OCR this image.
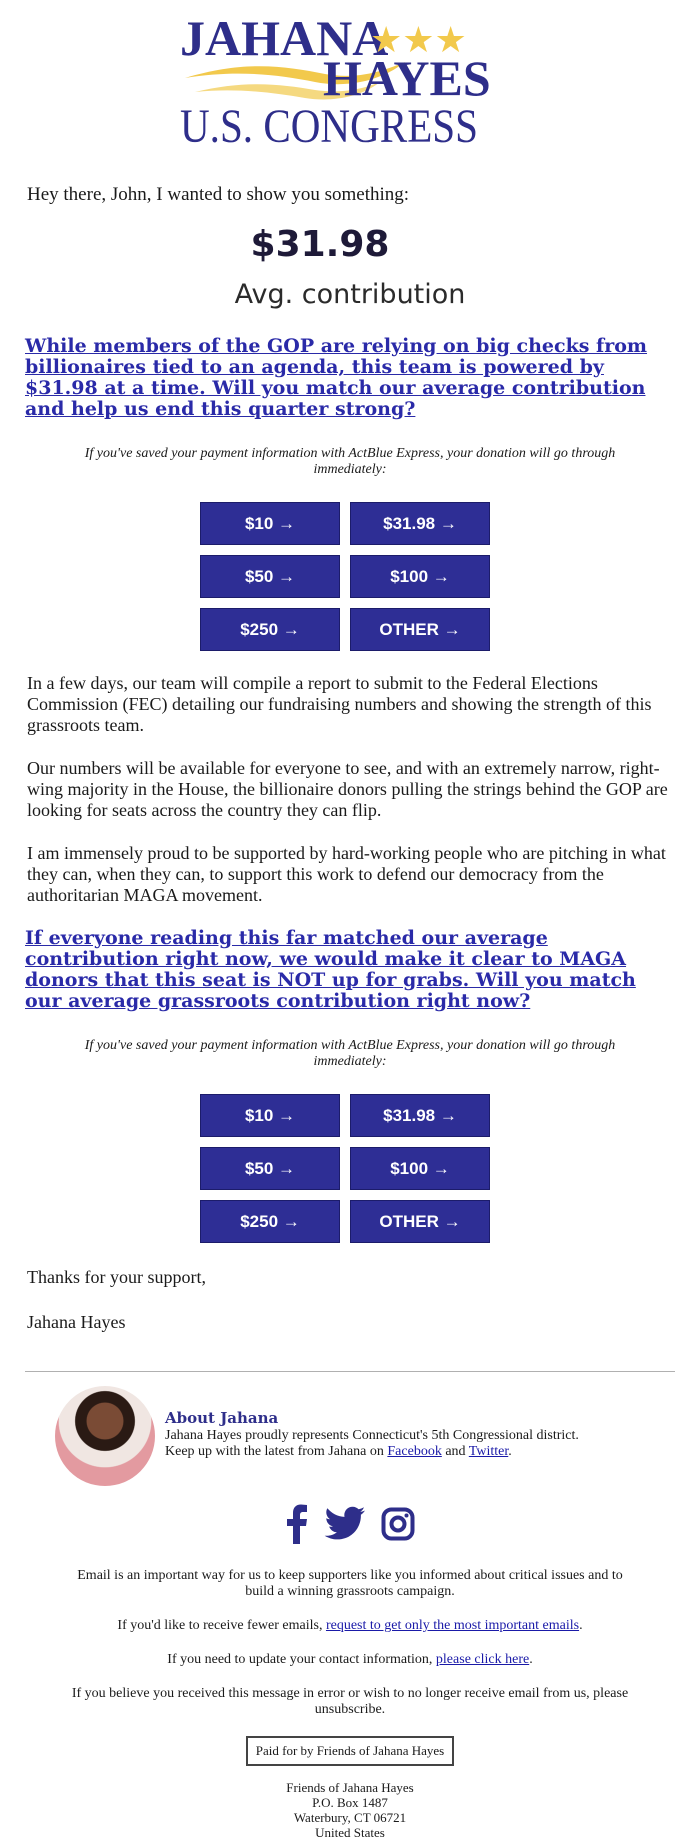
JAHANA
★★★
HAYES
U.S. CONGRESS
Hey there, John, I wanted to show you something:
$31.98
Avg. contribution
While members of the GOP are relying on big checks from billionaires tied to an agenda, this team is powered by $31.98 at a time. Will you match our average contribution and help us end this quarter strong?
If you've saved your payment information with ActBlue Express, your donation will go through immediately:
$10 →	$31.98 →
$50 →	$100 →
$250 →	OTHER →
In a few days, our team will compile a report to submit to the Federal Elections Commission (FEC) detailing our fundraising numbers and showing the strength of this grassroots team.
Our numbers will be available for everyone to see, and with an extremely narrow, right-wing majority in the House, the billionaire donors pulling the strings behind the GOP are looking for seats across the country they can flip.
I am immensely proud to be supported by hard-working people who are pitching in what they can, when they can, to support this work to defend our democracy from the authoritarian MAGA movement.
If everyone reading this far matched our average contribution right now, we would make it clear to MAGA donors that this seat is NOT up for grabs. Will you match our average grassroots contribution right now?
If you've saved your payment information with ActBlue Express, your donation will go through immediately:
$10 →	$31.98 →
$50 →	$100 →
$250 →	OTHER →
Thanks for your support,
Jahana Hayes
About Jahana
Jahana Hayes proudly represents Connecticut's 5th Congressional district.
Keep up with the latest from Jahana on Facebook and Twitter.

Email is an important way for us to keep supporters like you informed about critical issues and to build a winning grassroots campaign.

If you'd like to receive fewer emails, request to get only the most important emails.

If you need to update your contact information, please click here.

If you believe you received this message in error or wish to no longer receive email from us, please unsubscribe.

Paid for by Friends of Jahana Hayes
Friends of Jahana Hayes
P.O. Box 1487
Waterbury, CT 06721
United States
